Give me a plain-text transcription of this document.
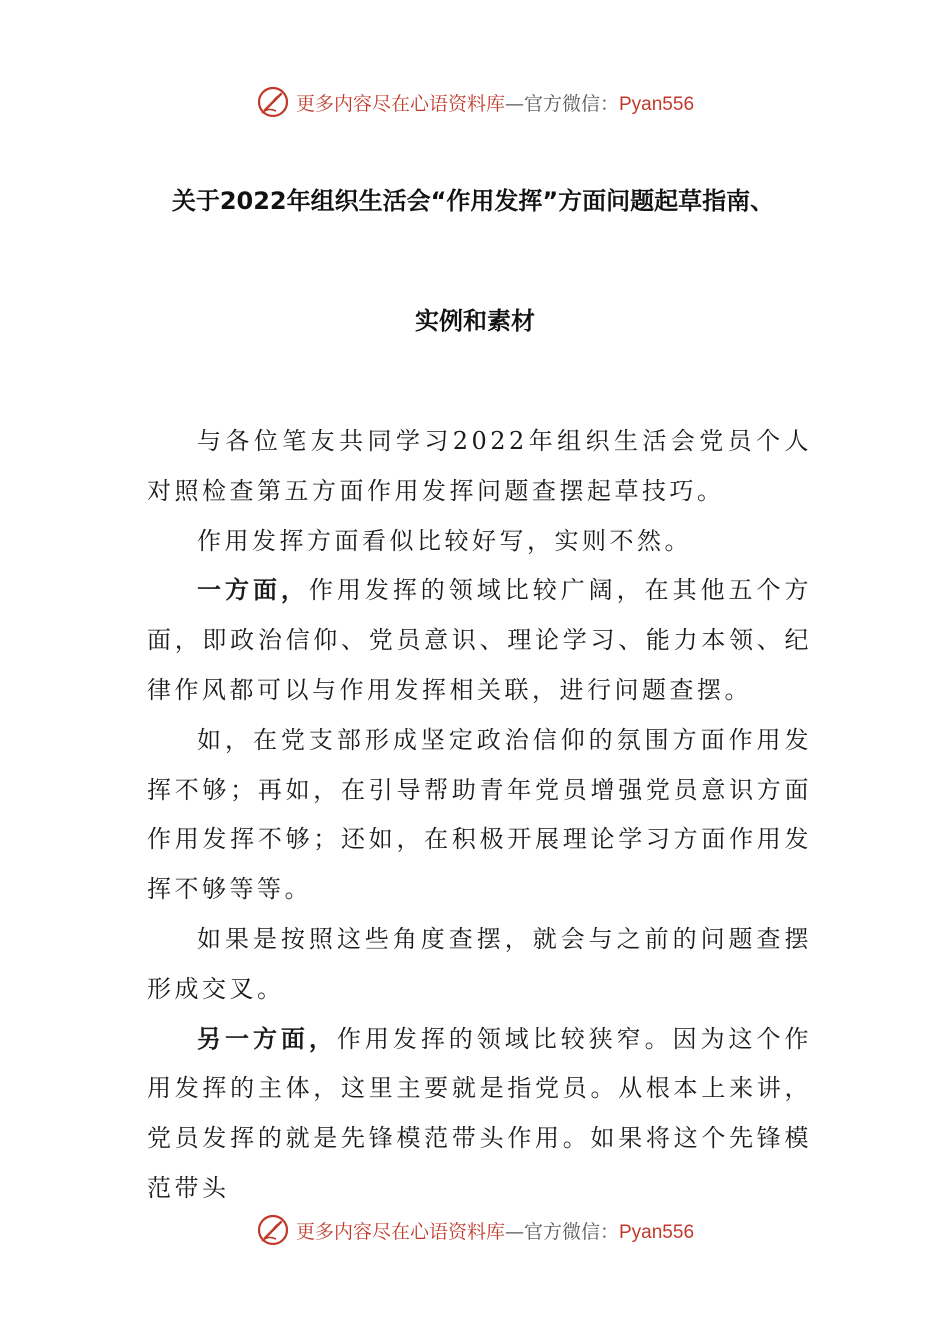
更多内容尽在心语资料库—官方微信：Pyan556
关于2022年组织生活会“作用发挥”方面问题起草指南、
实例和素材

与各位笔友共同学习2022年组织生活会党员个人对照检查第五方面作用发挥问题查摆起草技巧。

作用发挥方面看似比较好写，实则不然。

一方面，作用发挥的领域比较广阔，在其他五个方面，即政治信仰、党员意识、理论学习、能力本领、纪律作风都可以与作用发挥相关联，进行问题查摆。

如，在党支部形成坚定政治信仰的氛围方面作用发挥不够；再如，在引导帮助青年党员增强党员意识方面作用发挥不够；还如，在积极开展理论学习方面作用发挥不够等等。

如果是按照这些角度查摆，就会与之前的问题查摆形成交叉。

另一方面，作用发挥的领域比较狭窄。因为这个作用发挥的主体，这里主要就是指党员。从根本上来讲，党员发挥的就是先锋模范带头作用。如果将这个先锋模范带头

更多内容尽在心语资料库—官方微信：Pyan556
